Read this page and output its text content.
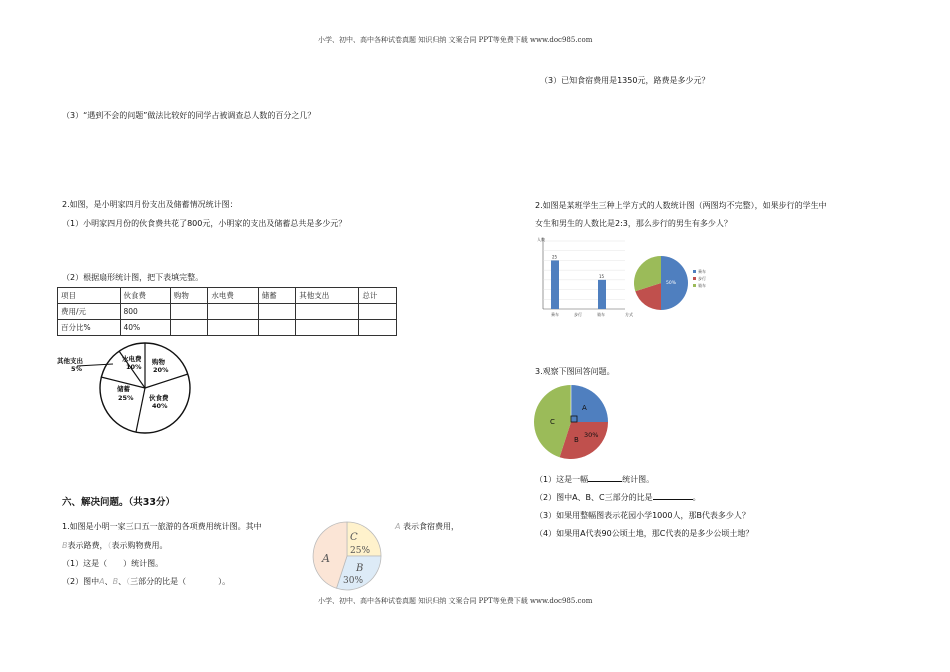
小学、初中、高中各种试卷真题 知识归纳 文案合同 PPT等免费下载 www.doc985.com
（3）“遇到不会的问题”做法比较好的同学占被调查总人数的百分之几？
2.如图，是小明家四月份支出及储蓄情况统计图：
（1）小明家四月份的伙食费共花了800元，小明家的支出及储蓄总共是多少元？
（2）根据扇形统计图，把下表填完整。
项目	伙食费	购物	水电费	储蓄	其他支出	总计
费用/元	800					
百分比%	40%					
水电费
10%
购物
20%
伙食费
40%
储蓄
25%
其他支出
5%
六、解决问题。（共33分）
1.如图是小明一家三口五一旅游的各项费用统计图。其中	A 表示食宿费用，
B表示路费，（表示购物费用。
（1）这是（　　）统计图。
（2）图中A、B、（三部分的比是（　　　　）。
A
C
25%
B
30%
（3）已知食宿费用是1350元，路费是多少元？
2.如图是某班学生三种上学方式的人数统计图（两图均不完整），如果步行的学生中
女生和男生的人数比是2:3，那么步行的男生有多少人？
人数
方式
25
15
乘车	步行	骑车
50%
乘车
步行
骑车
3.观察下图回答问题。
A
B
30%
C
（1）这是一幅	统计图。
（2）图中A、B、C三部分的比是	。
（3）如果用整幅图表示花园小学1000人，那B代表多少人？
（4）如果用A代表90公顷土地，那C代表的是多少公顷土地？
小学、初中、高中各种试卷真题 知识归纳 文案合同 PPT等免费下载 www.doc985.com
